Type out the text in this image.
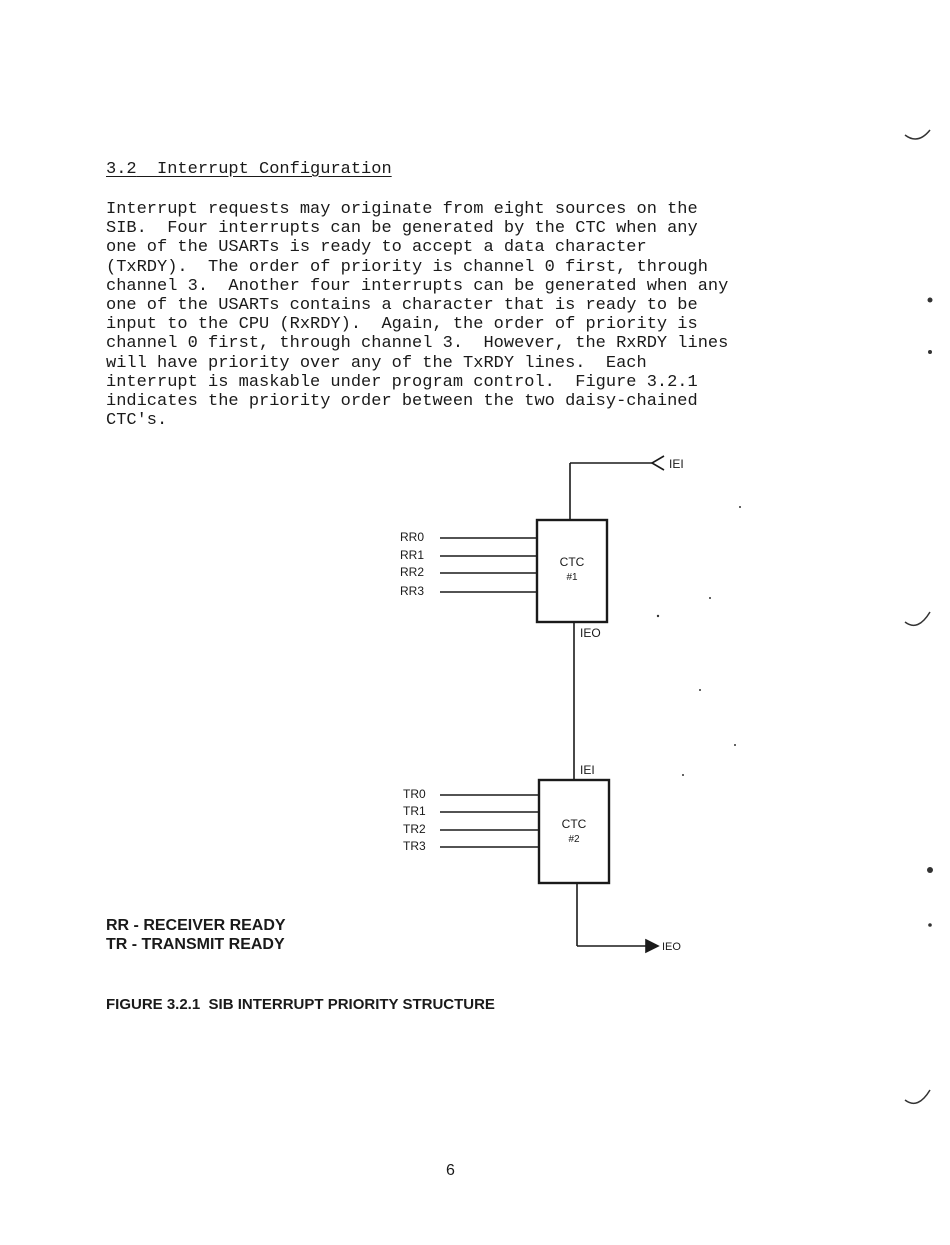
3.2 Interrupt Configuration
Interrupt requests may originate from eight sources on the
SIB.  Four interrupts can be generated by the CTC when any
one of the USARTs is ready to accept a data character
(TxRDY).  The order of priority is channel 0 first, through
channel 3.  Another four interrupts can be generated when any
one of the USARTs contains a character that is ready to be
input to the CPU (RxRDY).  Again, the order of priority is
channel 0 first, through channel 3.  However, the RxRDY lines
will have priority over any of the TxRDY lines.  Each
interrupt is maskable under program control.  Figure 3.2.1
indicates the priority order between the two daisy-chained
CTC's.
IEI
RR0
RR1
RR2
RR3
CTC
#1
IEO
IEI
TR0
TR1
TR2
TR3
CTC
#2
IEO
RR - RECEIVER READY
TR - TRANSMIT READY
FIGURE 3.2.1  SIB INTERRUPT PRIORITY STRUCTURE
6
